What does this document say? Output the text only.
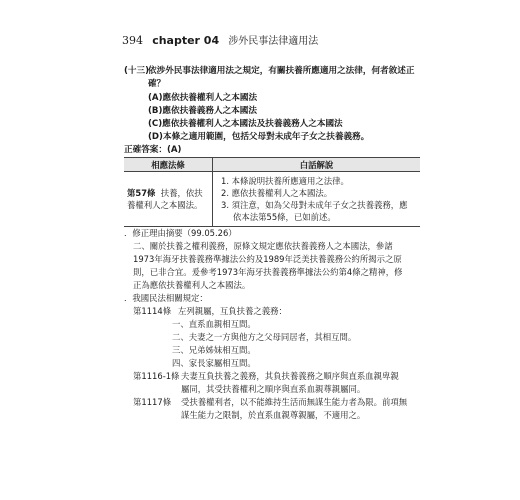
394 chapter 04 涉外民事法律適用法
(十三)
依涉外民事法律適用法之規定，有關扶養所應適用之法律，何者敘述正
確？
(A)應依扶養權利人之本國法
(B)應依扶養義務人之本國法
(C)應依扶養權利人之本國法及扶養義務人之本國法
(D)本條之適用範圍，包括父母對未成年子女之扶養義務。
正確答案：(A)
相應法條	白話解說

第57條 扶養，依扶
養權利人之本國法。	1. 本條說明扶養所應適用之法律。
2. 應依扶養權利人之本國法。
3. 須注意，如為父母對未成年子女之扶養義務，應
依本法第55條，已如前述。
．修正理由摘要（99.05.26）
二、關於扶養之權利義務，原條文規定應依扶養義務人之本國法，參諸
1973年海牙扶養義務準據法公約及1989年泛美扶養義務公約所揭示之原
則，已非合宜。爰參考1973年海牙扶養義務準據法公約第4條之精神，修
正為應依扶養權利人之本國法。
．我國民法相關規定：
第1114條 左列親屬，互負扶養之義務：
一、直系血親相互間。
二、夫妻之一方與他方之父母同居者，其相互間。
三、兄弟姊妹相互間。
四、家長家屬相互間。
第1116-1條 夫妻互負扶養之義務，其負扶養義務之順序與直系血親卑親
屬同，其受扶養權利之順序與直系血親尊親屬同。
第1117條 受扶養權利者，以不能維持生活而無謀生能力者為限。前項無
謀生能力之限制，於直系血親尊親屬，不適用之。
